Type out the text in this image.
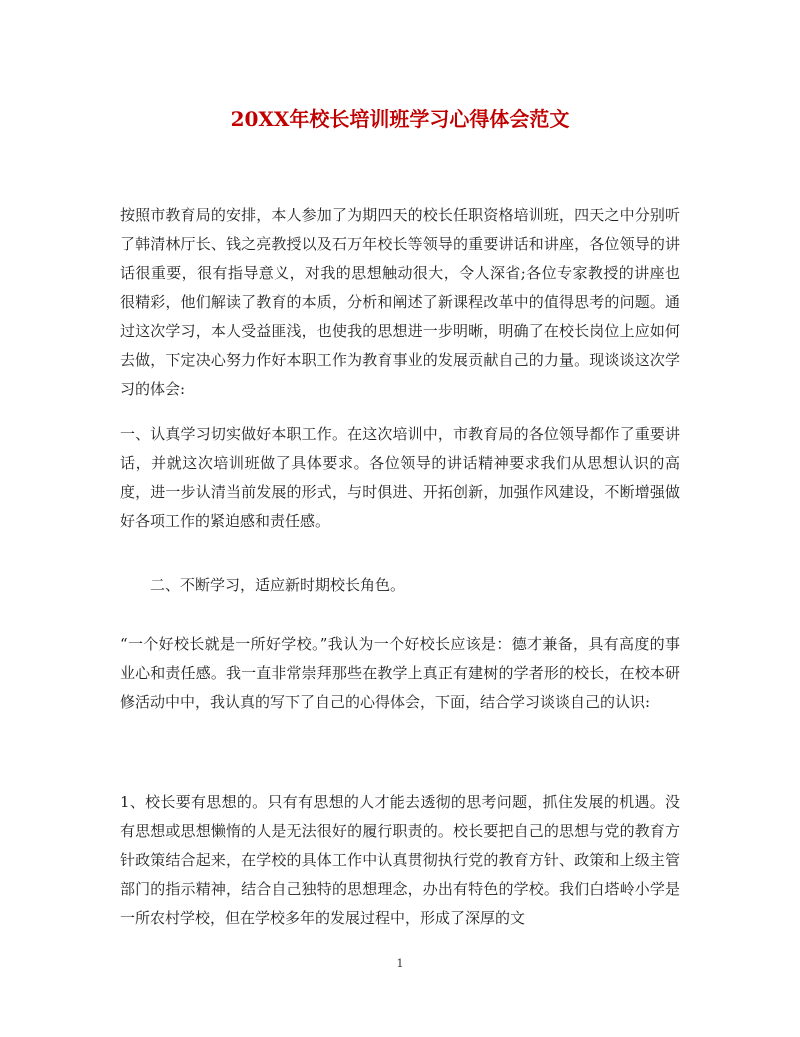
20XX年校长培训班学习心得体会范文

按照市教育局的安排，本人参加了为期四天的校长任职资格培训班，四天之中分别听了韩清林厅长、钱之亮教授以及石万年校长等领导的重要讲话和讲座，各位领导的讲话很重要，很有指导意义，对我的思想触动很大，令人深省;各位专家教授的讲座也很精彩，他们解读了教育的本质，分析和阐述了新课程改革中的值得思考的问题。通过这次学习，本人受益匪浅，也使我的思想进一步明晰，明确了在校长岗位上应如何去做，下定决心努力作好本职工作为教育事业的发展贡献自己的力量。现谈谈这次学习的体会:

一、认真学习切实做好本职工作。在这次培训中，市教育局的各位领导都作了重要讲话，并就这次培训班做了具体要求。各位领导的讲话精神要求我们从思想认识的高度，进一步认清当前发展的形式，与时俱进、开拓创新，加强作风建设，不断增强做好各项工作的紧迫感和责任感。

二、不断学习，适应新时期校长角色。

“一个好校长就是一所好学校。”我认为一个好校长应该是：德才兼备，具有高度的事业心和责任感。我一直非常崇拜那些在教学上真正有建树的学者形的校长，在校本研修活动中中，我认真的写下了自己的心得体会，下面，结合学习谈谈自己的认识:

1、校长要有思想的。只有有思想的人才能去透彻的思考问题，抓住发展的机遇。没有思想或思想懒惰的人是无法很好的履行职责的。校长要把自己的思想与党的教育方针政策结合起来，在学校的具体工作中认真贯彻执行党的教育方针、政策和上级主管部门的指示精神，结合自己独特的思想理念，办出有特色的学校。我们白塔岭小学是一所农村学校，但在学校多年的发展过程中，形成了深厚的文

1
